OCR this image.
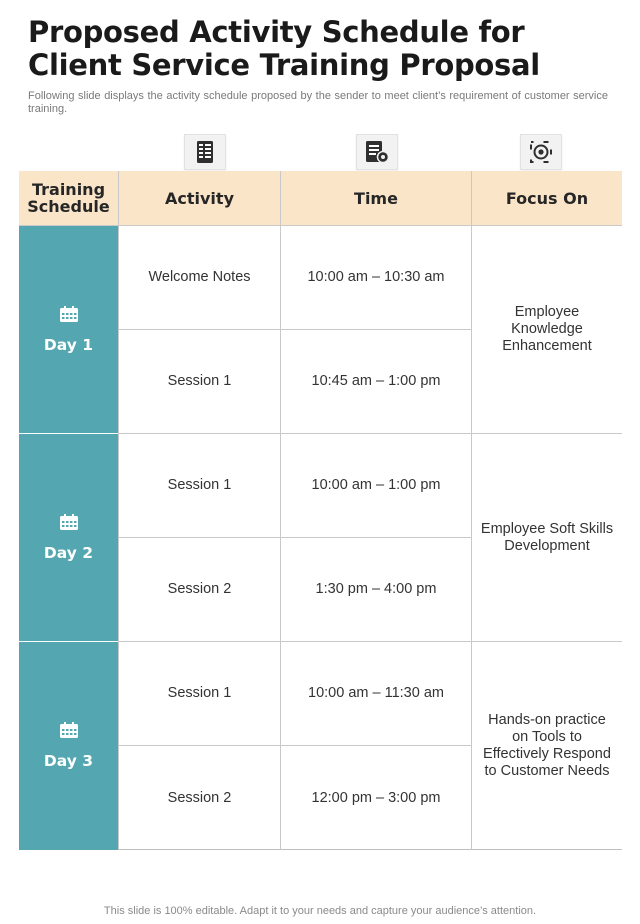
Proposed Activity Schedule for Client Service Training Proposal
Following slide displays the activity schedule proposed by the sender to meet client’s requirement of customer service training.
Training Schedule	Activity	Time	Focus On
Day 1
Welcome Notes	10:00 am – 10:30 am
Session 1	10:45 am – 1:00 pm
Employee Knowledge Enhancement
Day 2
Session 1	10:00 am – 1:00 pm
Session 2	1:30 pm – 4:00 pm
Employee Soft Skills Development
Day 3
Session 1	10:00 am – 11:30 am
Session 2	12:00 pm – 3:00 pm
Hands-on practice on Tools to Effectively Respond to Customer Needs
This slide is 100% editable. Adapt it to your needs and capture your audience’s attention.
